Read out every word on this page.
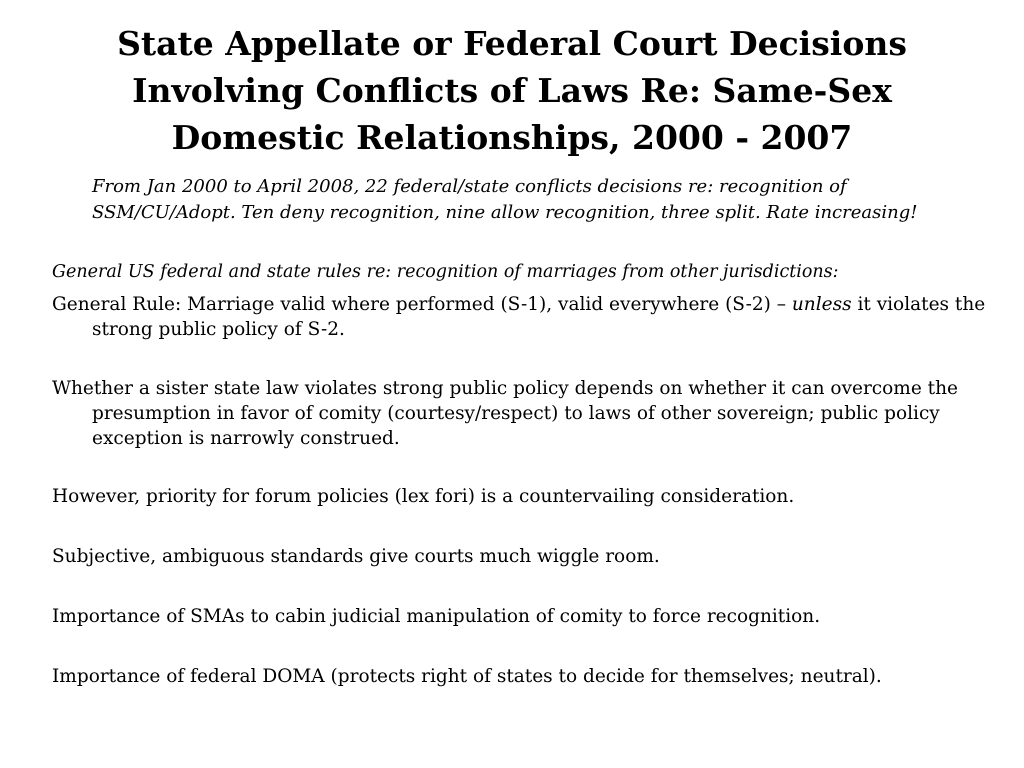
State Appellate or Federal Court Decisions
Involving Conflicts of Laws Re: Same-Sex
Domestic Relationships, 2000 - 2007

From Jan 2000 to April 2008, 22 federal/state conflicts decisions re: recognition of
SSM/CU/Adopt. Ten deny recognition, nine allow recognition, three split. Rate increasing!

General US federal and state rules re: recognition of marriages from other jurisdictions:

General Rule: Marriage valid where performed (S-1), valid everywhere (S-2) – unless it violates the strong public policy of S-2.

Whether a sister state law violates strong public policy depends on whether it can overcome the presumption in favor of comity (courtesy/respect) to laws of other sovereign; public policy exception is narrowly construed.

However, priority for forum policies (lex fori) is a countervailing consideration.

Subjective, ambiguous standards give courts much wiggle room.

Importance of SMAs to cabin judicial manipulation of comity to force recognition.

Importance of federal DOMA (protects right of states to decide for themselves; neutral).
